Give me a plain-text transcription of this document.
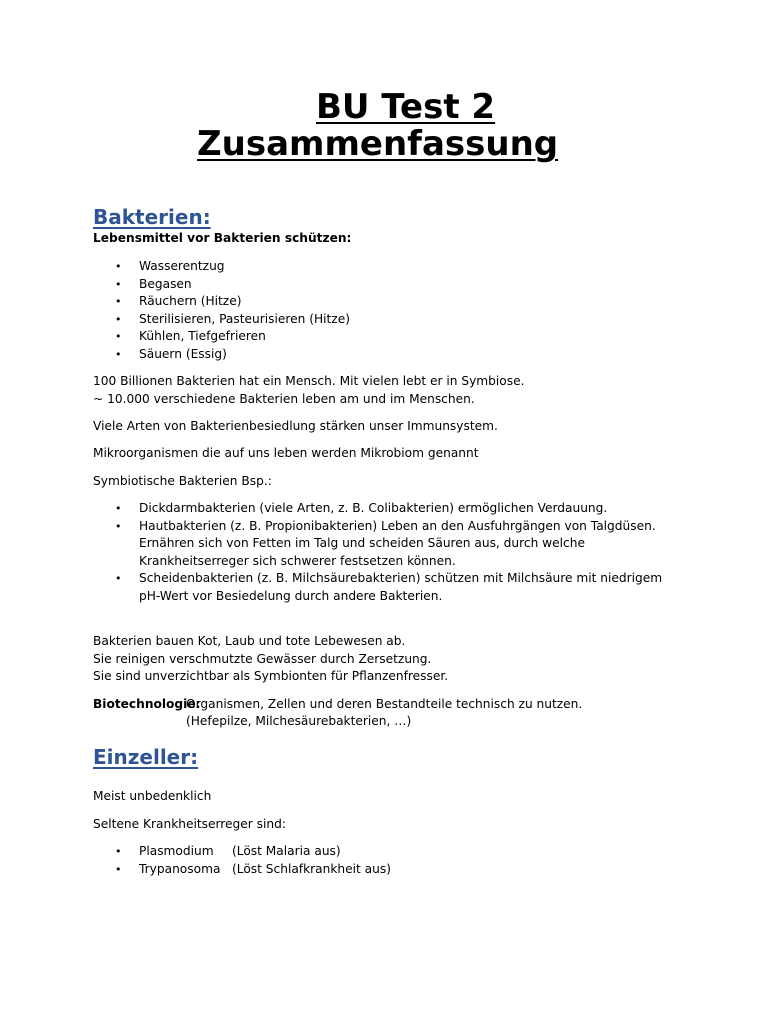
BU Test 2
Zusammenfassung
Bakterien:
Lebensmittel vor Bakterien schützen:
• Wasserentzug
• Begasen
• Räuchern (Hitze)
• Sterilisieren, Pasteurisieren (Hitze)
• Kühlen, Tiefgefrieren
• Säuern (Essig)
100 Billionen Bakterien hat ein Mensch. Mit vielen lebt er in Symbiose.
~ 10.000 verschiedene Bakterien leben am und im Menschen.
Viele Arten von Bakterienbesiedlung stärken unser Immunsystem.
Mikroorganismen die auf uns leben werden Mikrobiom genannt
Symbiotische Bakterien Bsp.:
• Dickdarmbakterien (viele Arten, z. B. Colibakterien) ermöglichen Verdauung.
• Hautbakterien (z. B. Propionibakterien) Leben an den Ausfuhrgängen von Talgdüsen. Ernähren sich von Fetten im Talg und scheiden Säuren aus, durch welche Krankheitserreger sich schwerer festsetzen können.
• Scheidenbakterien (z. B. Milchsäurebakterien) schützen mit Milchsäure mit niedrigem pH-Wert vor Besiedelung durch andere Bakterien.
Bakterien bauen Kot, Laub und tote Lebewesen ab.
Sie reinigen verschmutzte Gewässer durch Zersetzung.
Sie sind unverzichtbar als Symbionten für Pflanzenfresser.
Biotechnologie:
Organismen, Zellen und deren Bestandteile technisch zu nutzen.
(Hefepilze, Milchesäurebakterien, …)
Einzeller:
Meist unbedenklich
Seltene Krankheitserreger sind:
• Plasmodium (Löst Malaria aus)
• Trypanosoma (Löst Schlafkrankheit aus)
